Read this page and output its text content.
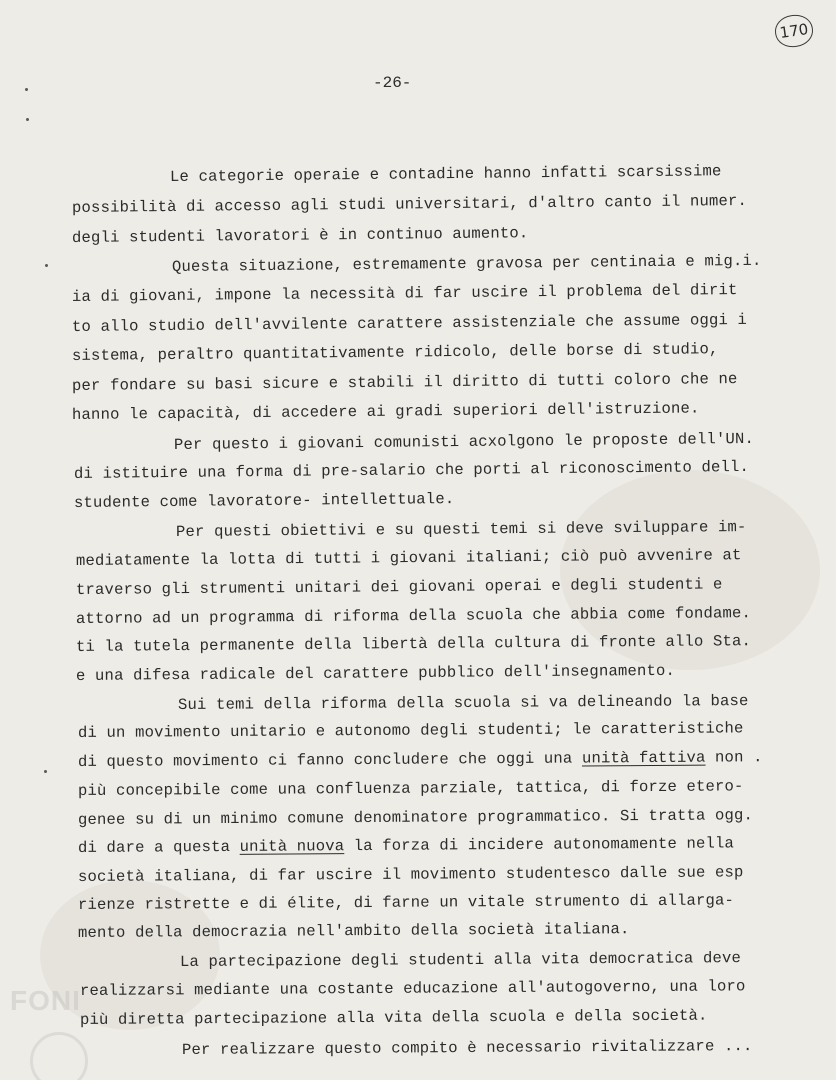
FONI
170
-26-
Le categorie operaie e contadine hanno infatti scarsissime
possibilità di accesso agli studi universitari, d'altro canto il numer.
degli studenti lavoratori è in continuo aumento.
Questa situazione, estremamente gravosa per centinaia e mig.i.
ia di giovani, impone la necessità di far uscire il problema del dirit
to allo studio dell'avvilente carattere assistenziale che assume oggi i
sistema, peraltro quantitativamente ridicolo, delle borse di studio,
per fondare su basi sicure e stabili il diritto di tutti coloro che ne
hanno le capacità, di accedere ai gradi superiori dell'istruzione.
Per questo i giovani comunisti acxolgono le proposte dell'UN.
di istituire una forma di pre-salario che porti al riconoscimento dell.
studente come lavoratore- intellettuale.
Per questi obiettivi e su questi temi si deve sviluppare im-
mediatamente la lotta di tutti i giovani italiani; ciò può avvenire at
traverso gli strumenti unitari dei giovani operai e degli studenti e
attorno ad un programma di riforma della scuola che abbia come fondame.
ti la tutela permanente della libertà della cultura di fronte allo Sta.
e una difesa radicale del carattere pubblico dell'insegnamento.
Sui temi della riforma della scuola si va delineando la base
di un movimento unitario e autonomo degli studenti; le caratteristiche
di questo movimento ci fanno concludere che oggi una unità fattiva non .
più concepibile come una confluenza parziale, tattica, di forze etero-
genee su di un minimo comune denominatore programmatico. Si tratta ogg.
di dare a questa unità nuova la forza di incidere autonomamente nella
società italiana, di far uscire il movimento studentesco dalle sue esp
rienze ristrette e di élite, di farne un vitale strumento di allarga-
mento della democrazia nell'ambito della società italiana.
La partecipazione degli studenti alla vita democratica deve
realizzarsi mediante una costante educazione all'autogoverno, una loro
più diretta partecipazione alla vita della scuola e della società.
Per realizzare questo compito è necessario rivitalizzare ...
